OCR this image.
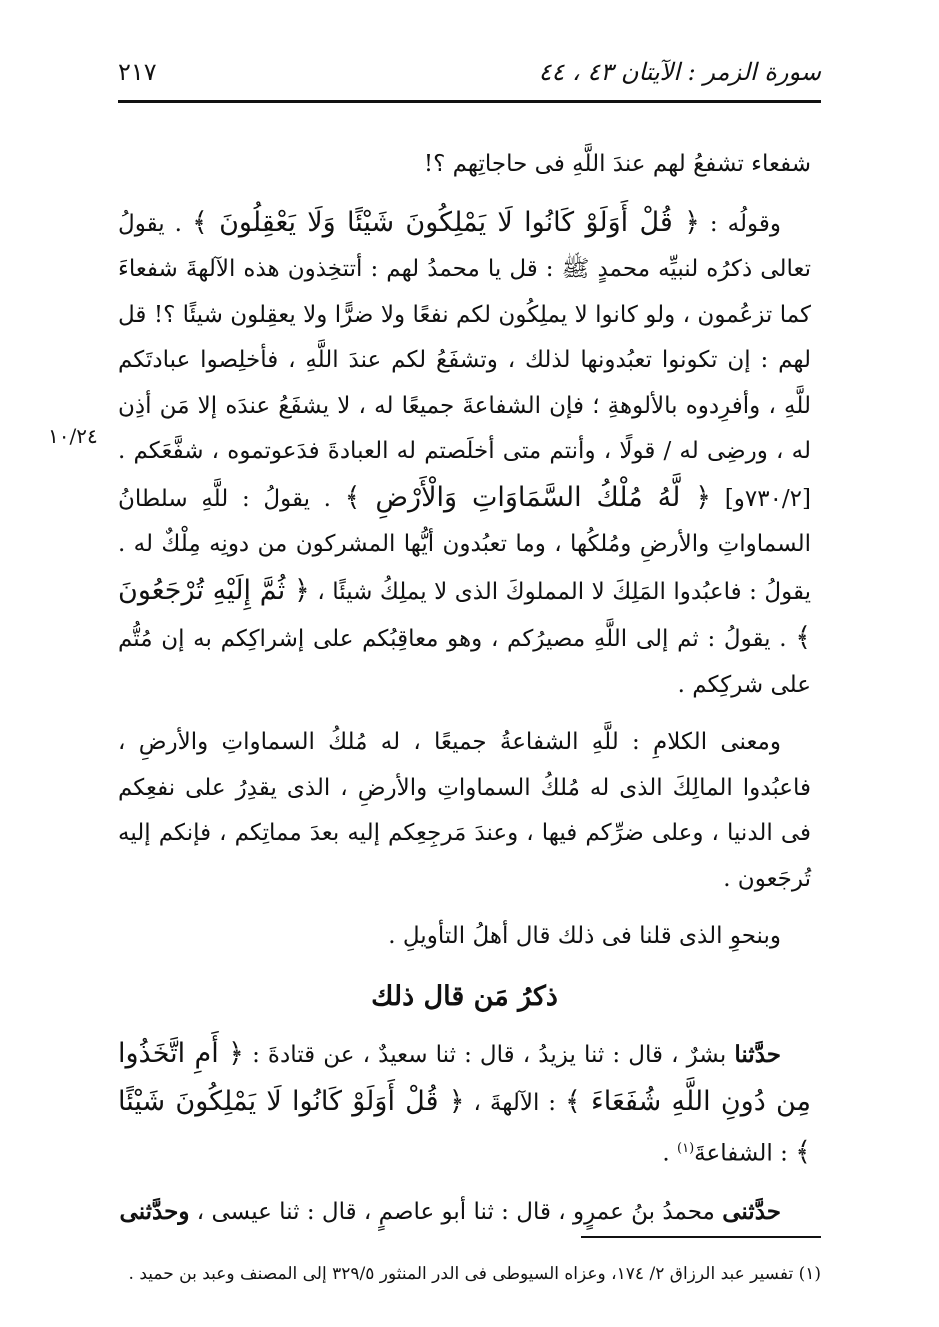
سورة الزمر : الآيتان ٤٣ ، ٤٤
٢١٧
١٠/٢٤

شفعاء تشفعُ لهم عندَ اللَّهِ فى حاجاتِهم ؟!

وقولُه : ﴿ قُلْ أَوَلَوْ كَانُوا لَا يَمْلِكُونَ شَيْئًا وَلَا يَعْقِلُونَ ﴾ . يقولُ تعالى ذكرُه لنبيِّه محمدٍ ﷺ : قل يا محمدُ لهم : أتتخِذون هذه الآلهةَ شفعاءَ كما تزعُمون ، ولو كانوا لا يملِكُون لكم نفعًا ولا ضرًّا ولا يعقِلون شيئًا ؟! قل لهم : إن تكونوا تعبُدونها لذلك ، وتشفَعُ لكم عندَ اللَّهِ ، فأخلِصوا عبادتَكم للَّهِ ، وأفرِدوه بالألوهةِ ؛ فإن الشفاعةَ جميعًا له ، لا يشفَعُ عندَه إلا مَن أذِن له ، ورضِى له / قولًا ، وأنتم متى أخلَصتم له العبادةَ فدَعوتموه ، شفَّعَكم . [٧٣٠/٢و] ﴿ لَّهُ مُلْكُ السَّمَاوَاتِ وَالْأَرْضِ ﴾ . يقولُ : للَّهِ سلطانُ السماواتِ والأرضِ ومُلكُها ، وما تعبُدون أيُّها المشركون من دونِه مِلْكٌ له . يقولُ : فاعبُدوا المَلِكَ لا المملوكَ الذى لا يملِكُ شيئًا ، ﴿ ثُمَّ إِلَيْهِ تُرْجَعُونَ ﴾ . يقولُ : ثم إلى اللَّهِ مصيرُكم ، وهو معاقِبُكم على إشراكِكم به إن مُتُّم على شركِكم .

ومعنى الكلامِ : للَّهِ الشفاعةُ جميعًا ، له مُلكُ السماواتِ والأرضِ ، فاعبُدوا المالِكَ الذى له مُلكُ السماواتِ والأرضِ ، الذى يقدِرُ على نفعِكم فى الدنيا ، وعلى ضرِّكم فيها ، وعندَ مَرجِعِكم إليه بعدَ مماتِكم ، فإنكم إليه تُرجَعون .

وبنحوِ الذى قلنا فى ذلك قال أهلُ التأويلِ .

ذكرُ مَن قال ذلك

حدَّثنا بشرٌ ، قال : ثنا يزيدُ ، قال : ثنا سعيدٌ ، عن قتادةَ : ﴿ أَمِ اتَّخَذُوا مِن دُونِ اللَّهِ شُفَعَاءَ ﴾ : الآلهةَ ، ﴿ قُلْ أَوَلَوْ كَانُوا لَا يَمْلِكُونَ شَيْئًا ﴾ : الشفاعةَ$^{(١)}$ .

حدَّثنى محمدُ بنُ عمرٍو ، قال : ثنا أبو عاصمٍ ، قال : ثنا عيسى ، وحدَّثنى

(١) تفسير عبد الرزاق ٢/ ١٧٤، وعزاه السيوطى فى الدر المنثور ٣٢٩/٥ إلى المصنف وعبد بن حميد .
